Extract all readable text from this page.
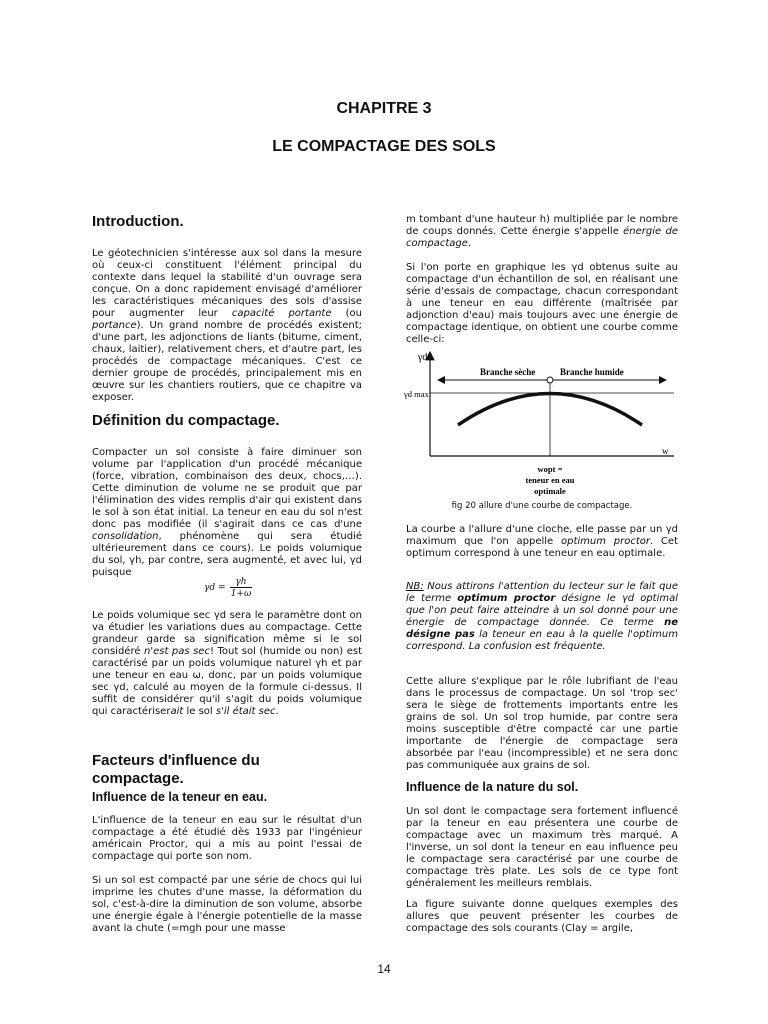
CHAPITRE 3
LE COMPACTAGE DES SOLS
Introduction.
Le géotechnicien s'intéresse aux sol dans la mesure où ceux-ci constituent l'élément principal du contexte dans lequel la stabilité d'un ouvrage sera conçue. On a donc rapidement envisagé d'améliorer les caractéristiques mécaniques des sols d'assise pour augmenter leur capacité portante (ou portance). Un grand nombre de procédés existent; d'une part, les adjonctions de liants (bitume, ciment, chaux, laitier), relativement chers, et d'autre part, les procédés de compactage mécaniques. C'est ce dernier groupe de procédés, principalement mis en œuvre sur les chantiers routiers, que ce chapitre va exposer.
Définition du compactage.
Compacter un sol consiste à faire diminuer son volume par l'application d'un procédé mécanique (force, vibration, combinaison des deux, chocs,…). Cette diminution de volume ne se produit que par l'élimination des vides remplis d'air qui existent dans le sol à son état initial. La teneur en eau du sol n'est donc pas modifiée (il s'agirait dans ce cas d'une consolidation, phénomène qui sera étudié ultérieurement dans ce cours). Le poids volumique du sol, γh, par contre, sera augmenté, et avec lui, γd puisque
γd =
γh
1+ω
Le poids volumique sec γd sera le paramètre dont on va étudier les variations dues au compactage. Cette grandeur garde sa signification même si le sol considéré n'est pas sec! Tout sol (humide ou non) est caractérisé par un poids volumique naturel γh et par une teneur en eau ω, donc, par un poids volumique sec γd, calculé au moyen de la formule ci-dessus. Il suffit de considérer qu'il s'agit du poids volumique qui caractériserait le sol s'il était sec.
Facteurs d'influence du
compactage.
Influence de la teneur en eau.
L'influence de la teneur en eau sur le résultat d'un compactage a été étudié dès 1933 par l'ingénieur américain Proctor, qui a mis au point l'essai de compactage qui porte son nom.
Si un sol est compacté par une série de chocs qui lui imprime les chutes d'une masse, la déformation du sol, c'est-à-dire la diminution de son volume, absorbe une énergie égale à l'énergie potentielle de la masse avant la chute (=mgh pour une masse
m tombant d'une hauteur h) multipliée par le nombre de coups donnés. Cette énergie s'appelle énergie de compactage.
Si l'on porte en graphique les γd obtenus suite au compactage d'un échantillon de sol, en réalisant une série d'essais de compactage, chacun correspondant à une teneur en eau différente (maîtrisée par adjonction d'eau) mais toujours avec une énergie de compactage identique, on obtient une courbe comme celle-ci:
γd
γd max
w
Branche sèche	Branche humide
wopt =
teneur en eau
optimale
fig 20 allure d'une courbe de compactage.
La courbe a l'allure d'une cloche, elle passe par un γd maximum que l'on appelle optimum proctor. Cet optimum correspond à une teneur en eau optimale.
NB: Nous attirons l'attention du lecteur sur le fait que le terme optimum proctor désigne le γd optimal que l'on peut faire atteindre à un sol donné pour une énergie de compactage donnée. Ce terme ne désigne pas la teneur en eau à la quelle l'optimum correspond. La confusion est fréquente.
Cette allure s'explique par le rôle lubrifiant de l'eau dans le processus de compactage. Un sol 'trop sec' sera le siège de frottements importants entre les grains de sol. Un sol trop humide, par contre sera moins susceptible d'être compacté car une partie importante de l'énergie de compactage sera absorbée par l'eau (incompressible) et ne sera donc pas communiquée aux grains de sol.
Influence de la nature du sol.
Un sol dont le compactage sera fortement influencé par la teneur en eau présentera une courbe de compactage avec un maximum très marqué. A l'inverse, un sol dont la teneur en eau influence peu le compactage sera caractérisé par une courbe de compactage très plate. Les sols de ce type font généralement les meilleurs remblais.
La figure suivante donne quelques exemples des allures que peuvent présenter les courbes de compactage des sols courants (Clay = argile,
14
